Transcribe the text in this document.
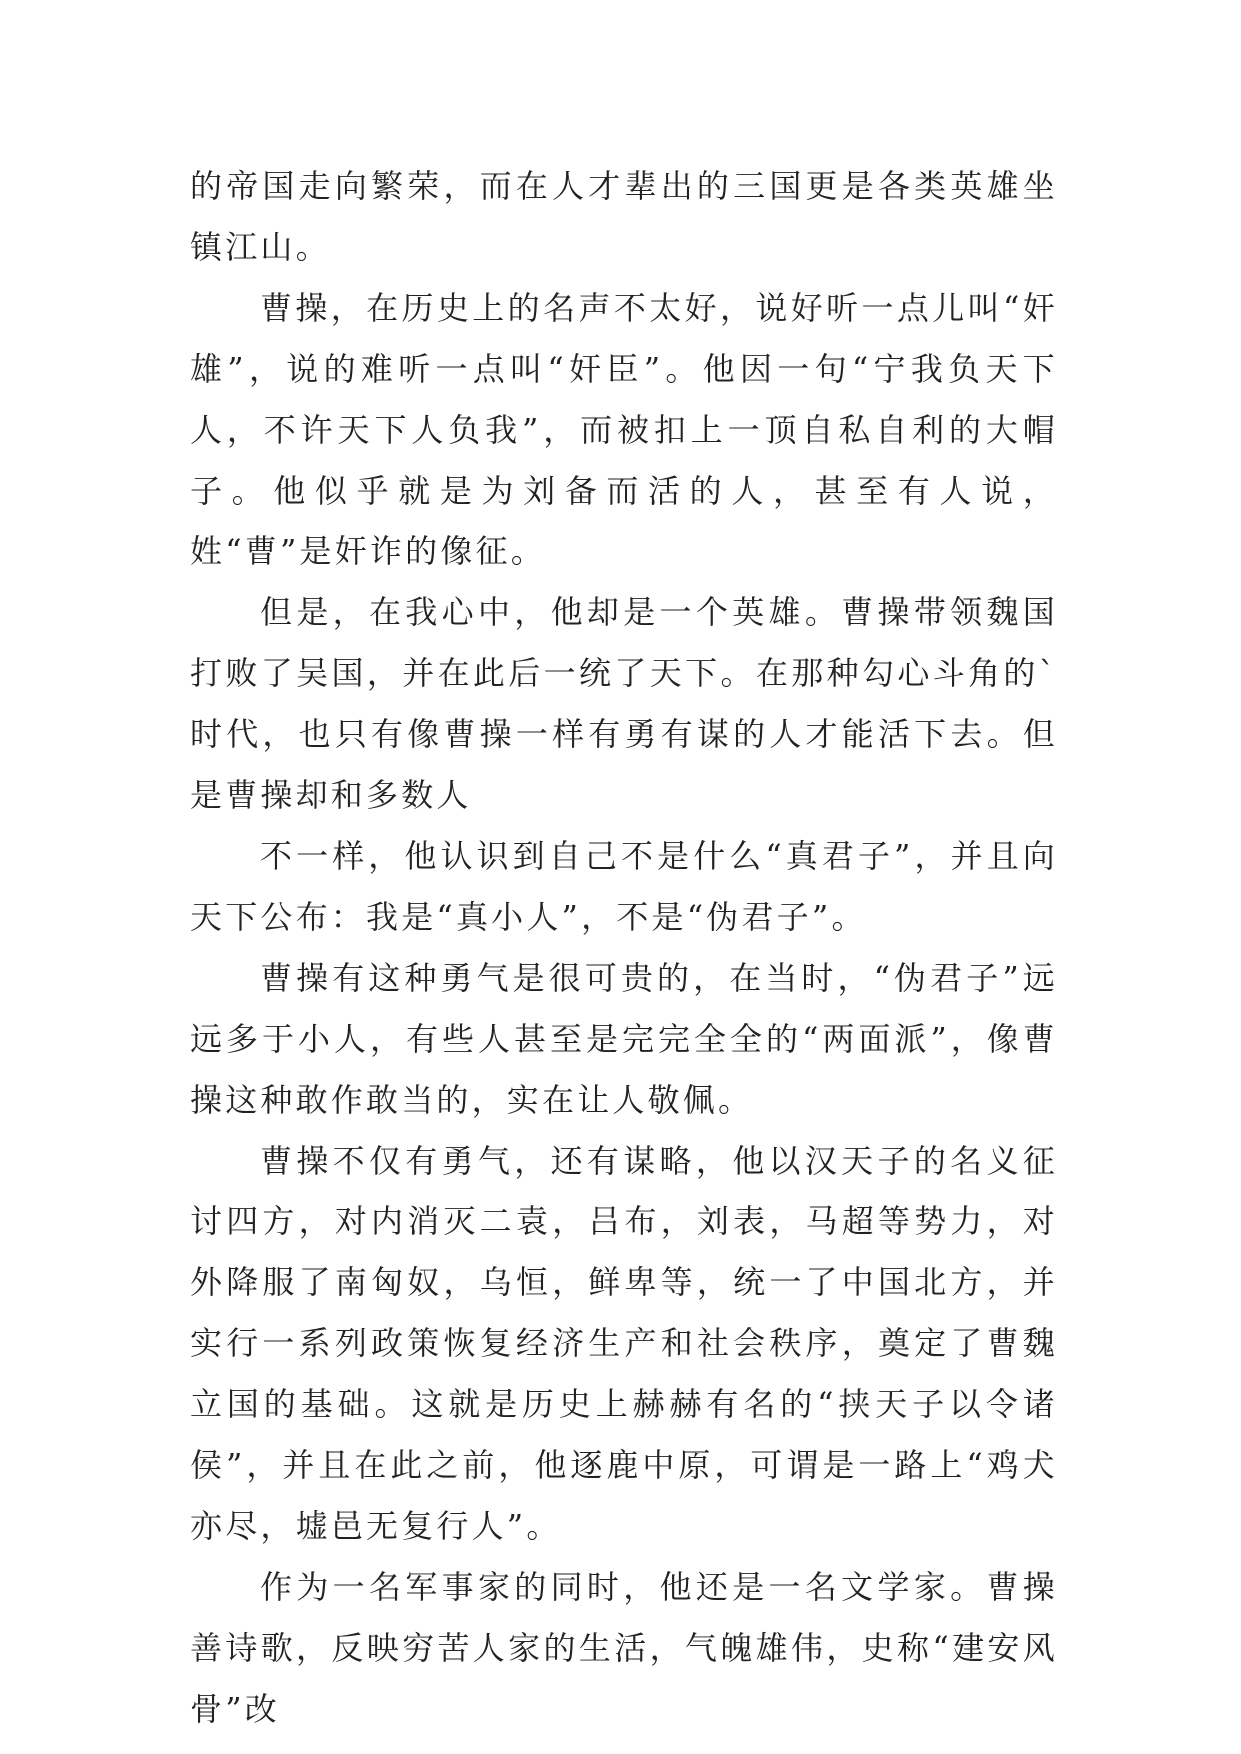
的帝国走向繁荣，而在人才辈出的三国更是各类英雄坐镇江山。

曹操，在历史上的名声不太好，说好听一点儿叫“奸雄”，说的难听一点叫“奸臣”。他因一句“宁我负天下人，不许天下人负我”，而被扣上一顶自私自利的大帽子。他似乎就是为刘备而活的人，甚至有人说，姓“曹”是奸诈的像征。

但是，在我心中，他却是一个英雄。曹操带领魏国打败了吴国，并在此后一统了天下。在那种勾心斗角的`时代，也只有像曹操一样有勇有谋的人才能活下去。但是曹操却和多数人

不一样，他认识到自己不是什么“真君子”，并且向天下公布：我是“真小人”，不是“伪君子”。

曹操有这种勇气是很可贵的，在当时，“伪君子”远远多于小人，有些人甚至是完完全全的“两面派”，像曹操这种敢作敢当的，实在让人敬佩。

曹操不仅有勇气，还有谋略，他以汉天子的名义征讨四方，对内消灭二袁，吕布，刘表，马超等势力，对外降服了南匈奴，乌恒，鲜卑等，统一了中国北方，并实行一系列政策恢复经济生产和社会秩序，奠定了曹魏立国的基础。这就是历史上赫赫有名的“挟天子以令诸侯”，并且在此之前，他逐鹿中原，可谓是一路上“鸡犬亦尽，墟邑无复行人”。

作为一名军事家的同时，他还是一名文学家。曹操善诗歌，反映穷苦人家的生活，气魄雄伟，史称“建安风骨”改
